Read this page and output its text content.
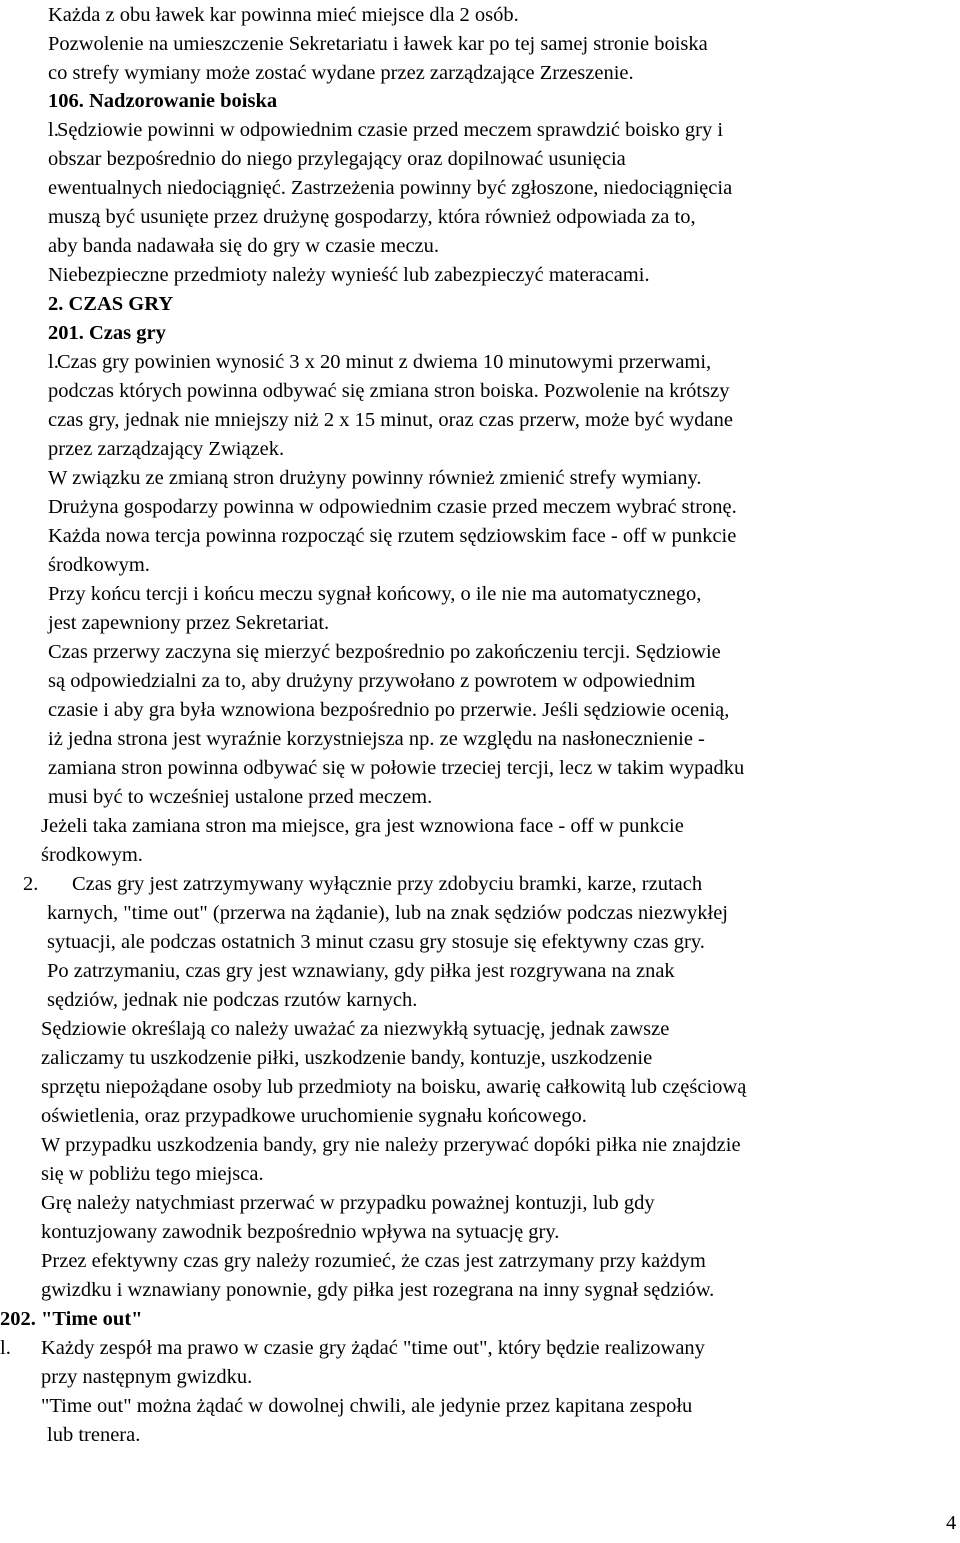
Każda z obu ławek kar powinna mieć miejsce dla 2 osób.
Pozwolenie na umieszczenie Sekretariatu i ławek kar po tej samej stronie boiska
co strefy wymiany może zostać wydane przez zarządzające Zrzeszenie.
106. Nadzorowanie boiska
l.
Sędziowie powinni w odpowiednim czasie przed meczem sprawdzić boisko gry i
obszar bezpośrednio do niego przylegający oraz dopilnować usunięcia
ewentualnych niedociągnięć. Zastrzeżenia powinny być zgłoszone, niedociągnięcia
muszą być usunięte przez drużynę gospodarzy, która również odpowiada za to,
aby banda nadawała się do gry w czasie meczu.
Niebezpieczne przedmioty należy wynieść lub zabezpieczyć materacami.
2. CZAS GRY
201. Czas gry
l.
Czas gry powinien wynosić 3 x 20 minut z dwiema 10 minutowymi przerwami,
podczas których powinna odbywać się zmiana stron boiska. Pozwolenie na krótszy
czas gry, jednak nie mniejszy niż 2 x 15 minut, oraz czas przerw, może być wydane
przez zarządzający Związek.
W związku ze zmianą stron drużyny powinny również zmienić strefy wymiany.
Drużyna gospodarzy powinna w odpowiednim czasie przed meczem wybrać stronę.
Każda nowa tercja powinna rozpocząć się rzutem sędziowskim face - off w punkcie
środkowym.
Przy końcu tercji i końcu meczu sygnał końcowy, o ile nie ma automatycznego,
jest zapewniony przez Sekretariat.
Czas przerwy zaczyna się mierzyć bezpośrednio po zakończeniu tercji. Sędziowie
są odpowiedzialni za to, aby drużyny przywołano z powrotem w odpowiednim
czasie i aby gra była wznowiona bezpośrednio po przerwie. Jeśli sędziowie ocenią,
iż jedna strona jest wyraźnie korzystniejsza np. ze względu na nasłonecznienie -
zamiana stron powinna odbywać się w połowie trzeciej tercji, lecz w takim wypadku
musi być to wcześniej ustalone przed meczem.
Jeżeli taka zamiana stron ma miejsce, gra jest wznowiona face - off w punkcie
środkowym.
2. Czas gry jest zatrzymywany wyłącznie przy zdobyciu bramki, karze, rzutach
karnych, "time out" (przerwa na żądanie), lub na znak sędziów podczas niezwykłej
sytuacji, ale podczas ostatnich 3 minut czasu gry stosuje się efektywny czas gry.
Po zatrzymaniu, czas gry jest wznawiany, gdy piłka jest rozgrywana na znak
sędziów, jednak nie podczas rzutów karnych.
Sędziowie określają co należy uważać za niezwykłą sytuację, jednak zawsze
zaliczamy tu uszkodzenie piłki, uszkodzenie bandy, kontuzje, uszkodzenie
sprzętu niepożądane osoby lub przedmioty na boisku, awarię całkowitą lub częściową
oświetlenia, oraz przypadkowe uruchomienie sygnału końcowego.
W przypadku uszkodzenia bandy, gry nie należy przerywać dopóki piłka nie znajdzie
się w pobliżu tego miejsca.
Grę należy natychmiast przerwać w przypadku poważnej kontuzji, lub gdy
kontuzjowany zawodnik bezpośrednio wpływa na sytuację gry.
Przez efektywny czas gry należy rozumieć, że czas jest zatrzymany przy każdym
gwizdku i wznawiany ponownie, gdy piłka jest rozegrana na inny sygnał sędziów.
202. "Time out"
l. Każdy zespół ma prawo w czasie gry żądać "time out", który będzie realizowany
przy następnym gwizdku.
"Time out" można żądać w dowolnej chwili, ale jedynie przez kapitana zespołu
lub trenera.
4
